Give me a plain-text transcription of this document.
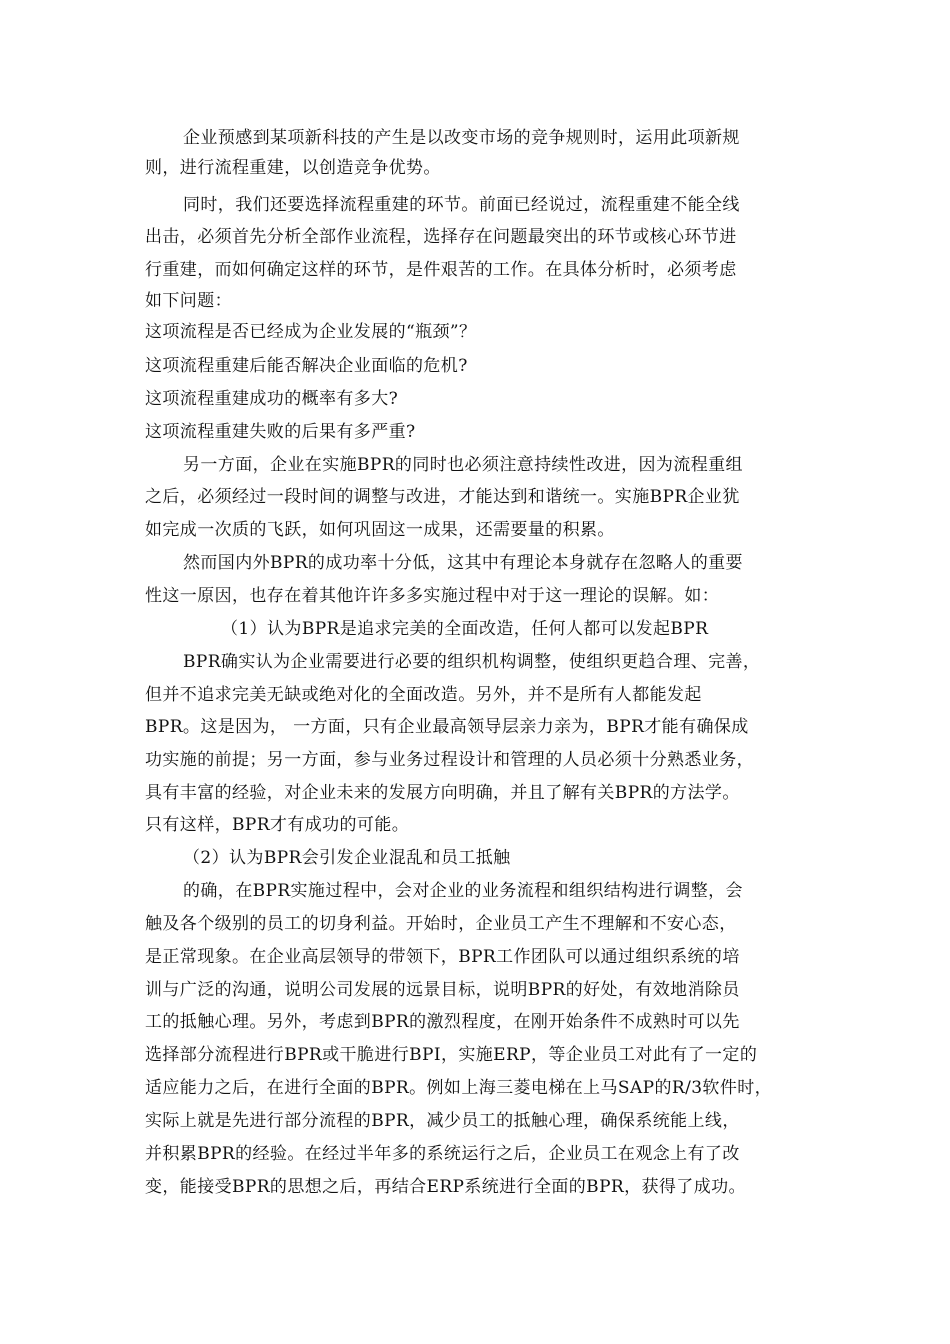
企业预感到某项新科技的产生是以改变市场的竞争规则时，运用此项新规
则，进行流程重建，以创造竞争优势。
同时，我们还要选择流程重建的环节。前面已经说过，流程重建不能全线
出击，必须首先分析全部作业流程，选择存在问题最突出的环节或核心环节进
行重建，而如何确定这样的环节，是件艰苦的工作。在具体分析时，必须考虑
如下问题：
这项流程是否已经成为企业发展的“瓶颈”？
这项流程重建后能否解决企业面临的危机?
这项流程重建成功的概率有多大?
这项流程重建失败的后果有多严重?
另一方面，企业在实施BPR的同时也必须注意持续性改进，因为流程重组
之后，必须经过一段时间的调整与改进，才能达到和谐统一。实施BPR企业犹
如完成一次质的飞跃，如何巩固这一成果，还需要量的积累。
然而国内外BPR的成功率十分低，这其中有理论本身就存在忽略人的重要
性这一原因，也存在着其他许许多多实施过程中对于这一理论的误解。如：
（1）认为BPR是追求完美的全面改造，任何人都可以发起BPR
BPR确实认为企业需要进行必要的组织机构调整，使组织更趋合理、完善，
但并不追求完美无缺或绝对化的全面改造。另外，并不是所有人都能发起
BPR。这是因为， 一方面，只有企业最高领导层亲力亲为，BPR才能有确保成
功实施的前提；另一方面，参与业务过程设计和管理的人员必须十分熟悉业务，
具有丰富的经验，对企业未来的发展方向明确，并且了解有关BPR的方法学。
只有这样，BPR才有成功的可能。
（2）认为BPR会引发企业混乱和员工抵触
的确，在BPR实施过程中，会对企业的业务流程和组织结构进行调整，会
触及各个级别的员工的切身利益。开始时，企业员工产生不理解和不安心态，
是正常现象。在企业高层领导的带领下，BPR工作团队可以通过组织系统的培
训与广泛的沟通，说明公司发展的远景目标，说明BPR的好处，有效地消除员
工的抵触心理。另外，考虑到BPR的激烈程度，在刚开始条件不成熟时可以先
选择部分流程进行BPR或干脆进行BPI，实施ERP，等企业员工对此有了一定的
适应能力之后，在进行全面的BPR。例如上海三菱电梯在上马SAP的R/3软件时，
实际上就是先进行部分流程的BPR，减少员工的抵触心理，确保系统能上线，
并积累BPR的经验。在经过半年多的系统运行之后，企业员工在观念上有了改
变，能接受BPR的思想之后，再结合ERP系统进行全面的BPR，获得了成功。
